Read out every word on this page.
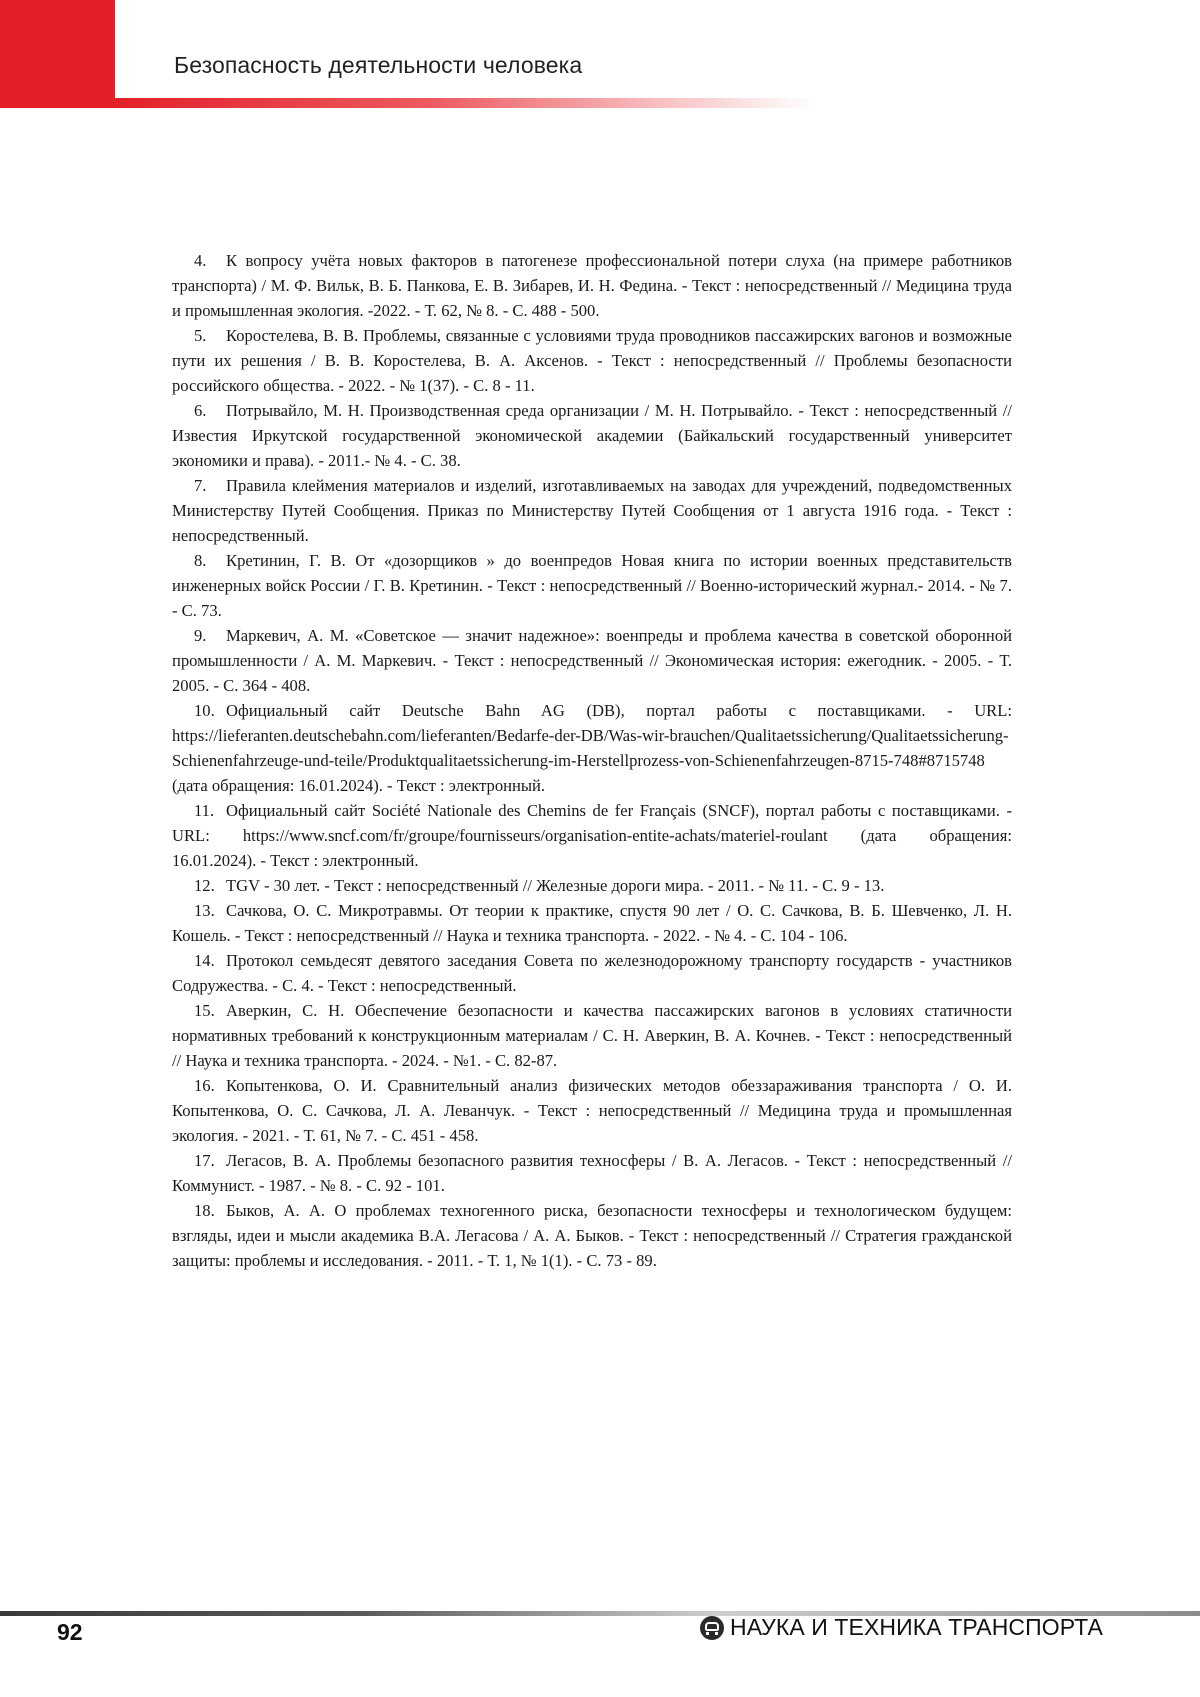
Безопасность деятельности человека

4. К вопросу учёта новых факторов в патогенезе профессиональной потери слуха (на примере работников транспорта) / М. Ф. Вильк, В. Б. Панкова, Е. В. Зибарев, И. Н. Федина. - Текст : непосредственный // Медицина труда и промышленная экология. -2022. - Т. 62, № 8. - С. 488 - 500.

5. Коростелева, В. В. Проблемы, связанные с условиями труда проводников пассажирских вагонов и возможные пути их решения / В. В. Коростелева, В. А. Аксенов. - Текст : непосредственный // Проблемы безопасности российского общества. - 2022. - № 1(37). - С. 8 - 11.

6. Потрывайло, М. Н. Производственная среда организации / М. Н. Потрывайло. - Текст : непосредственный // Известия Иркутской государственной экономической академии (Байкальский государственный университет экономики и права). - 2011.- № 4. - С. 38.

7. Правила клеймения материалов и изделий, изготавливаемых на заводах для учреждений, подведомственных Министерству Путей Сообщения. Приказ по Министерству Путей Сообщения от 1 августа 1916 года. - Текст : непосредственный.

8. Кретинин, Г. В. От «дозорщиков » до военпредов Новая книга по истории военных представительств инженерных войск России / Г. В. Кретинин. - Текст : непосредственный // Военно-исторический журнал.- 2014. - № 7. - С. 73.

9. Маркевич, А. М. «Советское — значит надежное»: военпреды и проблема качества в советской оборонной промышленности / А. М. Маркевич. - Текст : непосредственный // Экономическая история: ежегодник. - 2005. - Т. 2005. - С. 364 - 408.

10. Официальный сайт Deutsche Bahn AG (DB), портал работы с поставщиками. - URL: https://lieferanten.deutschebahn.com/lieferanten/Bedarfe-der-DB/Was-wir-brauchen/Qualitaetssicherung/Qualitaetssicherung-Schienenfahrzeuge-und-teile/Produktqualitaetssicherung-im-Herstellprozess-von-Schienenfahrzeugen-8715-748#8715748 (дата обращения: 16.01.2024). - Текст : электронный.

11. Официальный сайт Société Nationale des Chemins de fer Français (SNCF), портал работы с поставщиками. - URL: https://www.sncf.com/fr/groupe/fournisseurs/organisation-entite-achats/materiel-roulant (дата обращения: 16.01.2024). - Текст : электронный.

12. TGV - 30 лет. - Текст : непосредственный // Железные дороги мира. - 2011. - № 11. - С. 9 - 13.

13. Сачкова, О. С. Микротравмы. От теории к практике, спустя 90 лет / О. С. Сачкова, В. Б. Шевченко, Л. Н. Кошель. - Текст : непосредственный // Наука и техника транспорта. - 2022. - № 4. - С. 104 - 106.

14. Протокол семьдесят девятого заседания Совета по железнодорожному транспорту государств - участников Содружества. - С. 4. - Текст : непосредственный.

15. Аверкин, С. Н. Обеспечение безопасности и качества пассажирских вагонов в условиях статичности нормативных требований к конструкционным материалам / С. Н. Аверкин, В. А. Кочнев. - Текст : непосредственный // Наука и техника транспорта. - 2024. - №1. - С. 82-87.

16. Копытенкова, О. И. Сравнительный анализ физических методов обеззараживания транспорта / О. И. Копытенкова, О. С. Сачкова, Л. А. Леванчук. - Текст : непосредственный // Медицина труда и промышленная экология. - 2021. - Т. 61, № 7. - С. 451 - 458.

17. Легасов, В. А. Проблемы безопасного развития техносферы / В. А. Легасов. - Текст : непосредственный // Коммунист. - 1987. - № 8. - С. 92 - 101.

18. Быков, А. А. О проблемах техногенного риска, безопасности техносферы и технологическом будущем: взгляды, идеи и мысли академика В.А. Легасова / А. А. Быков. - Текст : непосредственный // Стратегия гражданской защиты: проблемы и исследования. - 2011. - Т. 1, № 1(1). - С. 73 - 89.

92	НАУКА И ТЕХНИКА ТРАНСПОРТА
